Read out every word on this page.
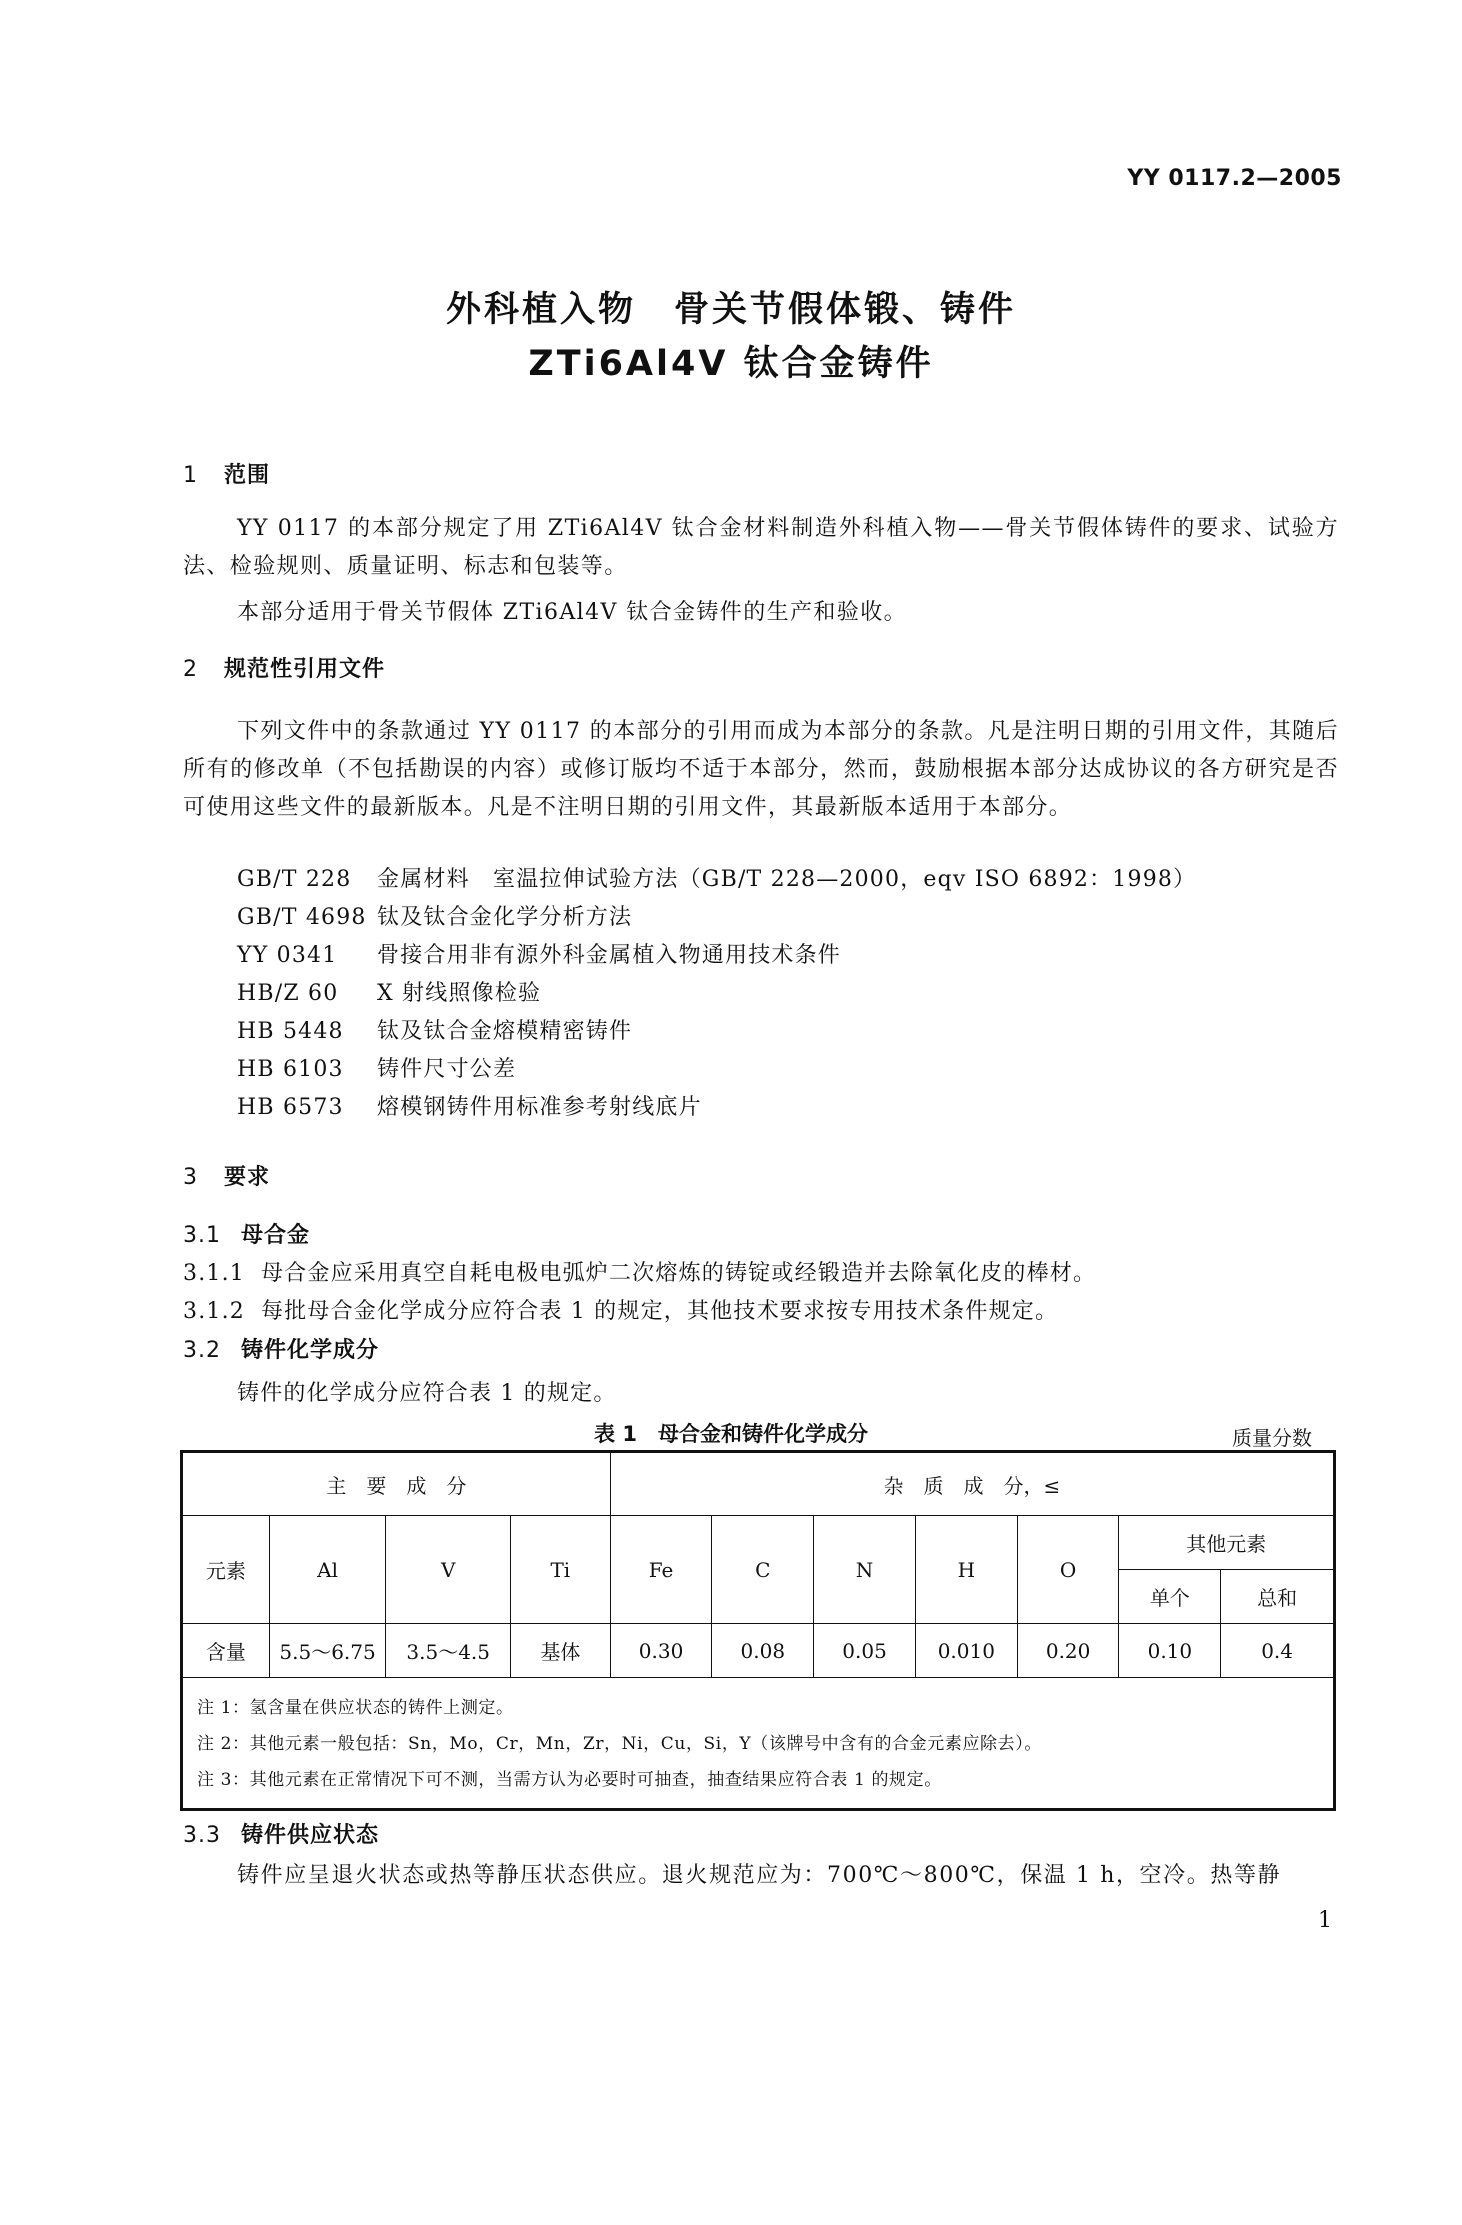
YY 0117.2—2005
外科植入物　骨关节假体锻、铸件
ZTi6Al4V 钛合金铸件
1 范围
YY 0117 的本部分规定了用 ZTi6Al4V 钛合金材料制造外科植入物——骨关节假体铸件的要求、试验方法、检验规则、质量证明、标志和包装等。
本部分适用于骨关节假体 ZTi6Al4V 钛合金铸件的生产和验收。
2 规范性引用文件
下列文件中的条款通过 YY 0117 的本部分的引用而成为本部分的条款。凡是注明日期的引用文件，其随后所有的修改单（不包括勘误的内容）或修订版均不适于本部分，然而，鼓励根据本部分达成协议的各方研究是否可使用这些文件的最新版本。凡是不注明日期的引用文件，其最新版本适用于本部分。
GB/T 228 金属材料　室温拉伸试验方法（GB/T 228—2000，eqv ISO 6892：1998）
GB/T 4698 钛及钛合金化学分析方法
YY 0341 骨接合用非有源外科金属植入物通用技术条件
HB/Z 60 X 射线照像检验
HB 5448 钛及钛合金熔模精密铸件
HB 6103 铸件尺寸公差
HB 6573 熔模钢铸件用标准参考射线底片
3 要求
3.1 母合金
3.1.1 母合金应采用真空自耗电极电弧炉二次熔炼的铸锭或经锻造并去除氧化皮的棒材。
3.1.2 每批母合金化学成分应符合表 1 的规定，其他技术要求按专用技术条件规定。
3.2 铸件化学成分
铸件的化学成分应符合表 1 的规定。
表 1　母合金和铸件化学成分	质量分数
主　要　成　分				杂　质　成　分，≤						
元素	Al	V	Ti	Fe	C	N	H	O	其他元素	
									单个	总和
含量	5.5～6.75	3.5～4.5	基体	0.30	0.08	0.05	0.010	0.20	0.10	0.4

注 1：氢含量在供应状态的铸件上测定。
注 2：其他元素一般包括：Sn，Mo，Cr，Mn，Zr，Ni，Cu，Si，Y（该牌号中含有的合金元素应除去）。
注 3：其他元素在正常情况下可不测，当需方认为必要时可抽查，抽查结果应符合表 1 的规定。										
3.3 铸件供应状态
铸件应呈退火状态或热等静压状态供应。退火规范应为：700℃～800℃，保温 1 h，空冷。热等静
1
